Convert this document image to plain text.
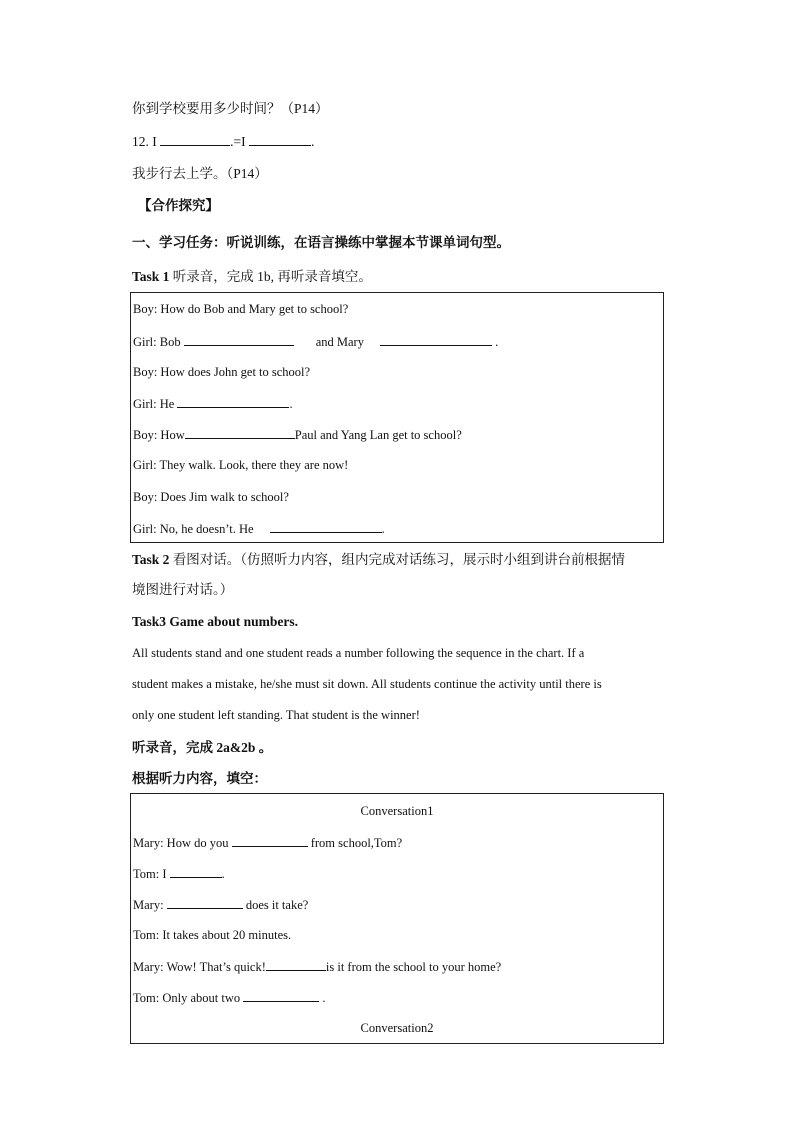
你到学校要用多少时间？（P14）
12. I	.=I	.
我步行去上学。（P14）
【合作探究】
一、学习任务：听说训练，在语言操练中掌握本节课单词句型。
Task 1 听录音，完成 1b, 再听录音填空。
Boy: How do Bob and Mary get to school?
Girl: Bob	and Mary	.
Boy: How does John get to school?
Girl: He	.
Boy: How	Paul and Yang Lan get to school?
Girl: They walk. Look, there they are now!
Boy: Does Jim walk to school?
Girl: No, he doesn’t. He	.
Task 2 看图对话。（仿照听力内容，组内完成对话练习，展示时小组到讲台前根据情
境图进行对话。）
Task3 Game about numbers.
All students stand and one student reads a number following the sequence in the chart. If a
student makes a mistake, he/she must sit down. All students continue the activity until there is
only one student left standing. That student is the winner!
听录音，完成 2a&2b 。
根据听力内容，填空：
Conversation1
Mary: How do you	from school,Tom?
Tom: I	.
Mary:	does it take?
Tom: It takes about 20 minutes.
Mary: Wow! That’s quick!	is it from the school to your home?
Tom: Only about two	.
Conversation2
